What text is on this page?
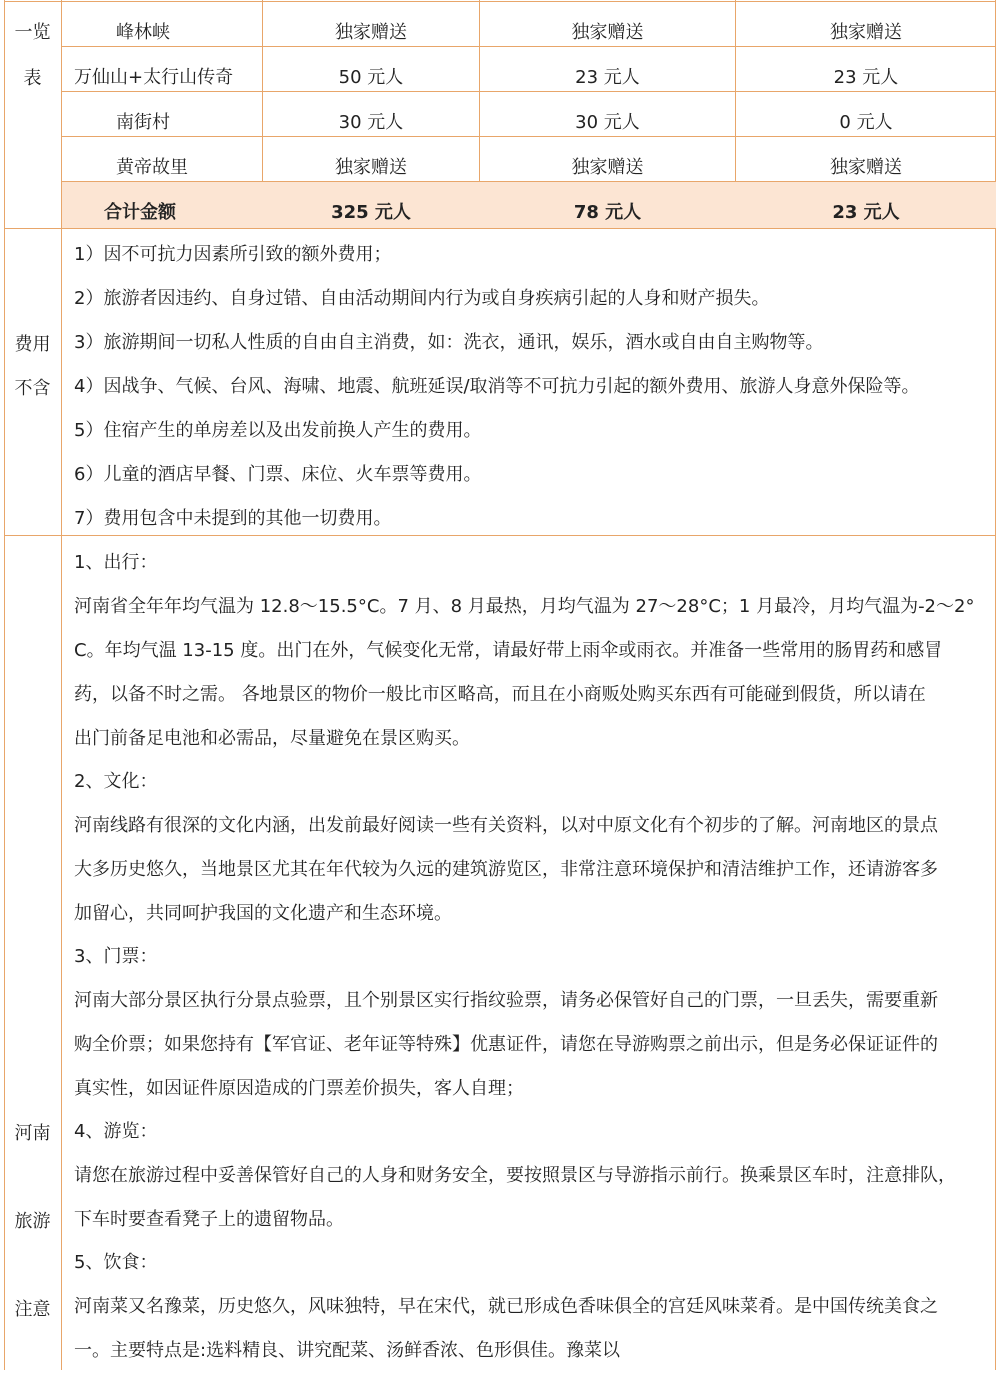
一览
表
峰林峡	独家赠送	独家赠送	独家赠送
万仙山+太行山传奇	50 元人	23 元人	23 元人
南街村	30 元人	30 元人	0 元人
黄帝故里	独家赠送	独家赠送	独家赠送
合计金额	325 元人	78 元人	23 元人
费用
不含
1）因不可抗力因素所引致的额外费用；
2）旅游者因违约、自身过错、自由活动期间内行为或自身疾病引起的人身和财产损失。
3）旅游期间一切私人性质的自由自主消费，如：洗衣，通讯，娱乐，酒水或自由自主购物等。
4）因战争、气候、台风、海啸、地震、航班延误/取消等不可抗力引起的额外费用、旅游人身意外保险等。
5）住宿产生的单房差以及出发前换人产生的费用。
6）儿童的酒店早餐、门票、床位、火车票等费用。
7）费用包含中未提到的其他一切费用。
河南
旅游
注意
1、出行：
河南省全年年均气温为 12.8～15.5°C。7 月、8 月最热，月均气温为 27～28°C；1 月最冷，月均气温为-2～2°
C。年均气温 13-15 度。出门在外，气候变化无常，请最好带上雨伞或雨衣。并准备一些常用的肠胃药和感冒
药，以备不时之需。 各地景区的物价一般比市区略高，而且在小商贩处购买东西有可能碰到假货，所以请在
出门前备足电池和必需品，尽量避免在景区购买。
2、文化：
河南线路有很深的文化内涵，出发前最好阅读一些有关资料，以对中原文化有个初步的了解。河南地区的景点
大多历史悠久，当地景区尤其在年代较为久远的建筑游览区，非常注意环境保护和清洁维护工作，还请游客多
加留心，共同呵护我国的文化遗产和生态环境。
3、门票：
河南大部分景区执行分景点验票，且个别景区实行指纹验票，请务必保管好自己的门票，一旦丢失，需要重新
购全价票；如果您持有【军官证、老年证等特殊】优惠证件，请您在导游购票之前出示，但是务必保证证件的
真实性，如因证件原因造成的门票差价损失，客人自理；
4、游览：
请您在旅游过程中妥善保管好自己的人身和财务安全，要按照景区与导游指示前行。换乘景区车时，注意排队，
下车时要查看凳子上的遗留物品。
5、饮食：
河南菜又名豫菜，历史悠久，风味独特，早在宋代，就已形成色香味俱全的宫廷风味菜肴。是中国传统美食之
一。主要特点是:选料精良、讲究配菜、汤鲜香浓、色形俱佳。豫菜以
